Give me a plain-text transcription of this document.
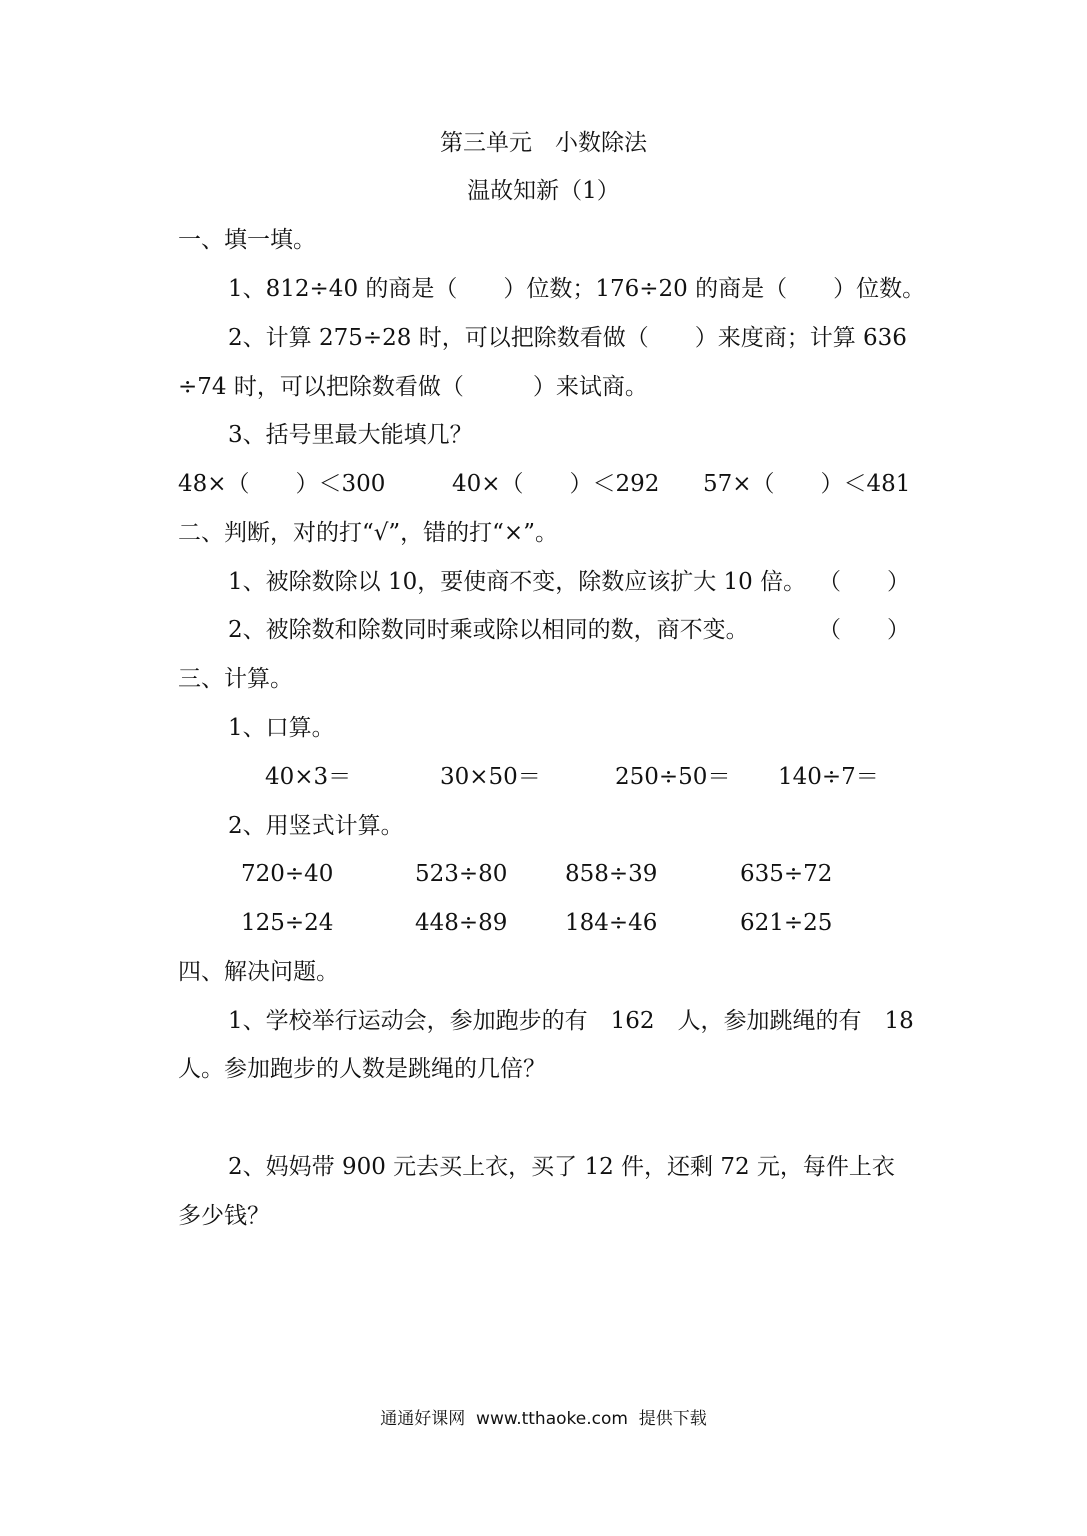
第三单元　小数除法
温故知新（1）
一、填一填。
1、812÷40 的商是（　　）位数；176÷20 的商是（　　）位数。
2、计算 275÷28 时，可以把除数看做（　　）来度商；计算 636
÷74 时，可以把除数看做（　　　）来试商。
3、括号里最大能填几？
48×（　　）＜300	40×（　　）＜292 57×（　　）＜481
二、判断，对的打“√”，错的打“×”。
1、被除数除以 10，要使商不变，除数应该扩大 10 倍。 （　　）
2、被除数和除数同时乘或除以相同的数，商不变。	（　　）
三、计算。
1、口算。
40×3＝	30×50＝	250÷50＝ 140÷7＝
2、用竖式计算。
720÷40	523÷80	858÷39	635÷72
125÷24	448÷89	184÷46	621÷25
四、解决问题。
1、学校举行运动会，参加跑步的有　162　人，参加跳绳的有　18
人。参加跑步的人数是跳绳的几倍？
2、妈妈带 900 元去买上衣，买了 12 件，还剩 72 元，每件上衣
多少钱？
通通好课网  www.tthaoke.com  提供下载
